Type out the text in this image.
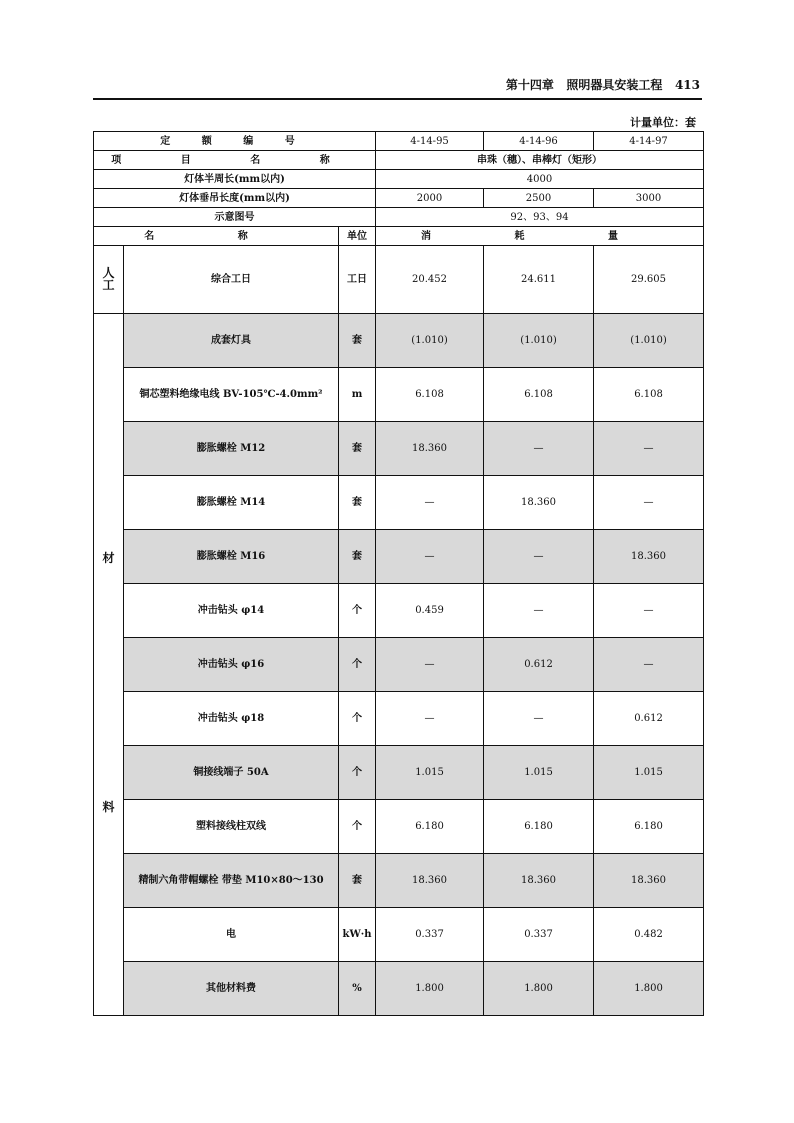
第十四章 照明器具安装工程 413
计量单位：套
定 额 编 号			4-14-95	4-14-96	4-14-97
项 目 名 称			串珠（穗）、串棒灯（矩形）		
灯体半周长(mm以内)			4000		
灯体垂吊长度(mm以内)			2000	2500	3000
示意图号			92、93、94		
名 称		单位	消 耗 量		
人工	综合工日	工日	20.452	24.611	29.605

材
料	成套灯具	套	(1.010)	(1.010)	(1.010)
	铜芯塑料绝缘电线 BV-105℃-4.0mm²	m	6.108	6.108	6.108
	膨胀螺栓 M12	套	18.360	—	—
	膨胀螺栓 M14	套	—	18.360	—
	膨胀螺栓 M16	套	—	—	18.360
	冲击钻头 φ14	个	0.459	—	—
	冲击钻头 φ16	个	—	0.612	—
	冲击钻头 φ18	个	—	—	0.612
	铜接线端子 50A	个	1.015	1.015	1.015
	塑料接线柱双线	个	6.180	6.180	6.180
	精制六角带帽螺栓 带垫 M10×80～130	套	18.360	18.360	18.360
	电	kW·h	0.337	0.337	0.482
	其他材料费	%	1.800	1.800	1.800
